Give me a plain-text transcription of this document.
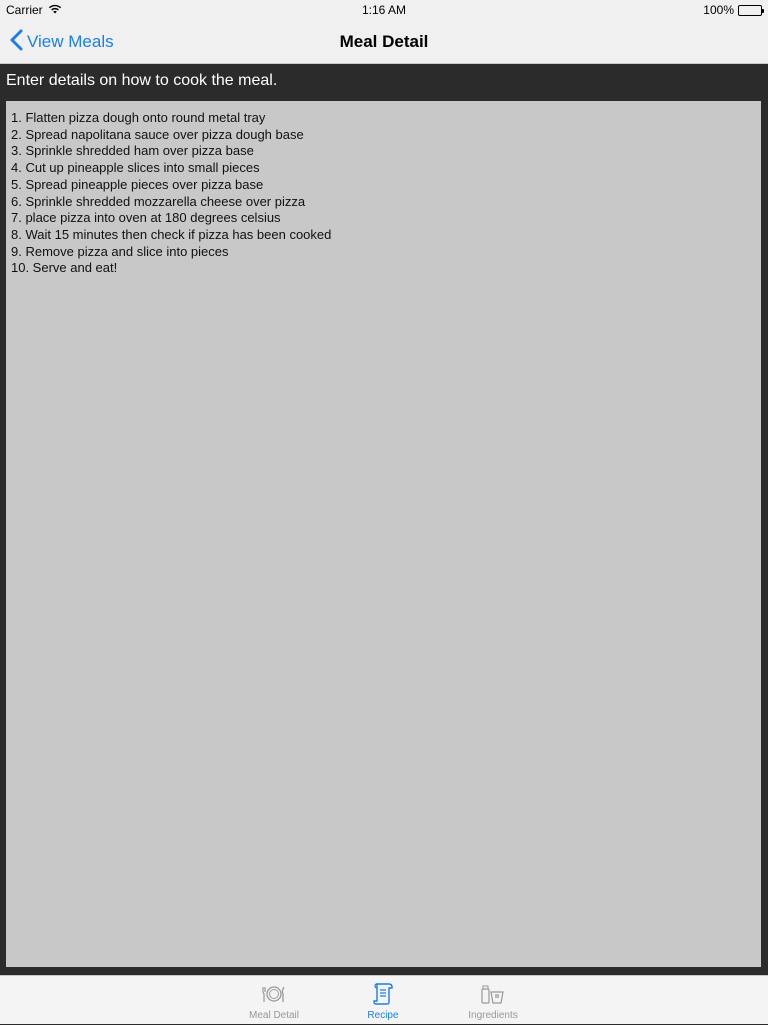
Carrier	1:16 AM	100%
View Meals	Meal Detail
Enter details on how to cook the meal.
1. Flatten pizza dough onto round metal tray
2. Spread napolitana sauce over pizza dough base
3. Sprinkle shredded ham over pizza base
4. Cut up pineapple slices into small pieces
5. Spread pineapple pieces over pizza base
6. Sprinkle shredded mozzarella cheese over pizza
7. place pizza into oven at 180 degrees celsius
8. Wait 15 minutes then check if pizza has been cooked
9. Remove pizza and slice into pieces
10. Serve and eat!
Meal Detail	Recipe	Ingredients
